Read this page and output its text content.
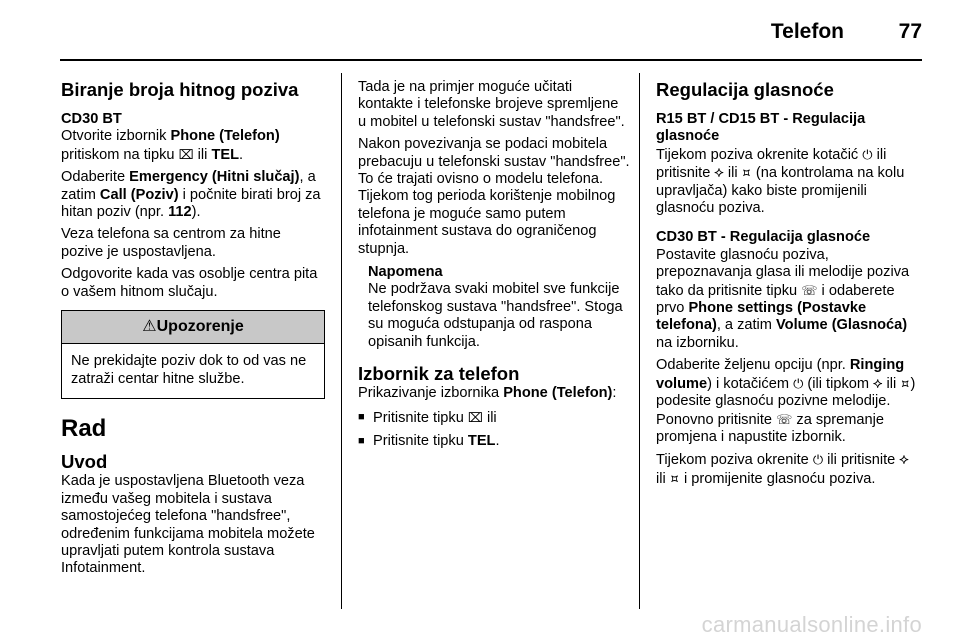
Telefon	77
Biranje broja hitnog poziva
CD30 BT

Otvorite izbornik Phone (Telefon) pritiskom na tipku ⌧ ili TEL.

Odaberite Emergency (Hitni slučaj), a zatim Call (Poziv) i počnite birati broj za hitan poziv (npr. 112).

Veza telefona sa centrom za hitne pozive je uspostavljena.

Odgovorite kada vas osoblje centra pita o vašem hitnom slučaju.

⚠Upozorenje
Ne prekidajte poziv dok to od vas ne zatraži centar hitne službe.
Rad
Uvod

Kada je uspostavljena Bluetooth veza između vašeg mobitela i sustava samostojećeg telefona "handsfree", određenim funkcijama mobitela možete upravljati putem kontrola sustava Infotainment.

Tada je na primjer moguće učitati kontakte i telefonske brojeve spremljene u mobitel u telefonski sustav "handsfree".

Nakon povezivanja se podaci mobitela prebacuju u telefonski sustav "handsfree". To će trajati ovisno o modelu telefona. Tijekom tog perioda korištenje mobilnog telefona je moguće samo putem infotainment sustava do ograničenog stupnja.

Napomena

Ne podržava svaki mobitel sve funkcije telefonskog sustava "handsfree". Stoga su moguća odstupanja od raspona opisanih funkcija.

Izbornik za telefon

Prikazivanje izbornika Phone (Telefon):

■ Pritisnite tipku ⌧ ili
■ Pritisnite tipku TEL.
Regulacija glasnoće
R15 BT / CD15 BT - Regulacija glasnoće

Tijekom poziva okrenite kotačić ⏻ ili pritisnite ⯎ ili ⯏ (na kontrolama na kolu upravljača) kako biste promijenili glasnoću poziva.

CD30 BT - Regulacija glasnoće

Postavite glasnoću poziva, prepoznavanja glasa ili melodije poziva tako da pritisnite tipku ☏ i odaberete prvo Phone settings (Postavke telefona), a zatim Volume (Glasnoća) na izborniku.

Odaberite željenu opciju (npr. Ringing volume) i kotačićem ⏻ (ili tipkom ⯎ ili ⯏) podesite glasnoću pozivne melodije. Ponovno pritisnite ☏ za spremanje promjena i napustite izbornik.

Tijekom poziva okrenite ⏻ ili pritisnite ⯎ ili ⯏ i promijenite glasnoću poziva.

carmanualsonline.info
